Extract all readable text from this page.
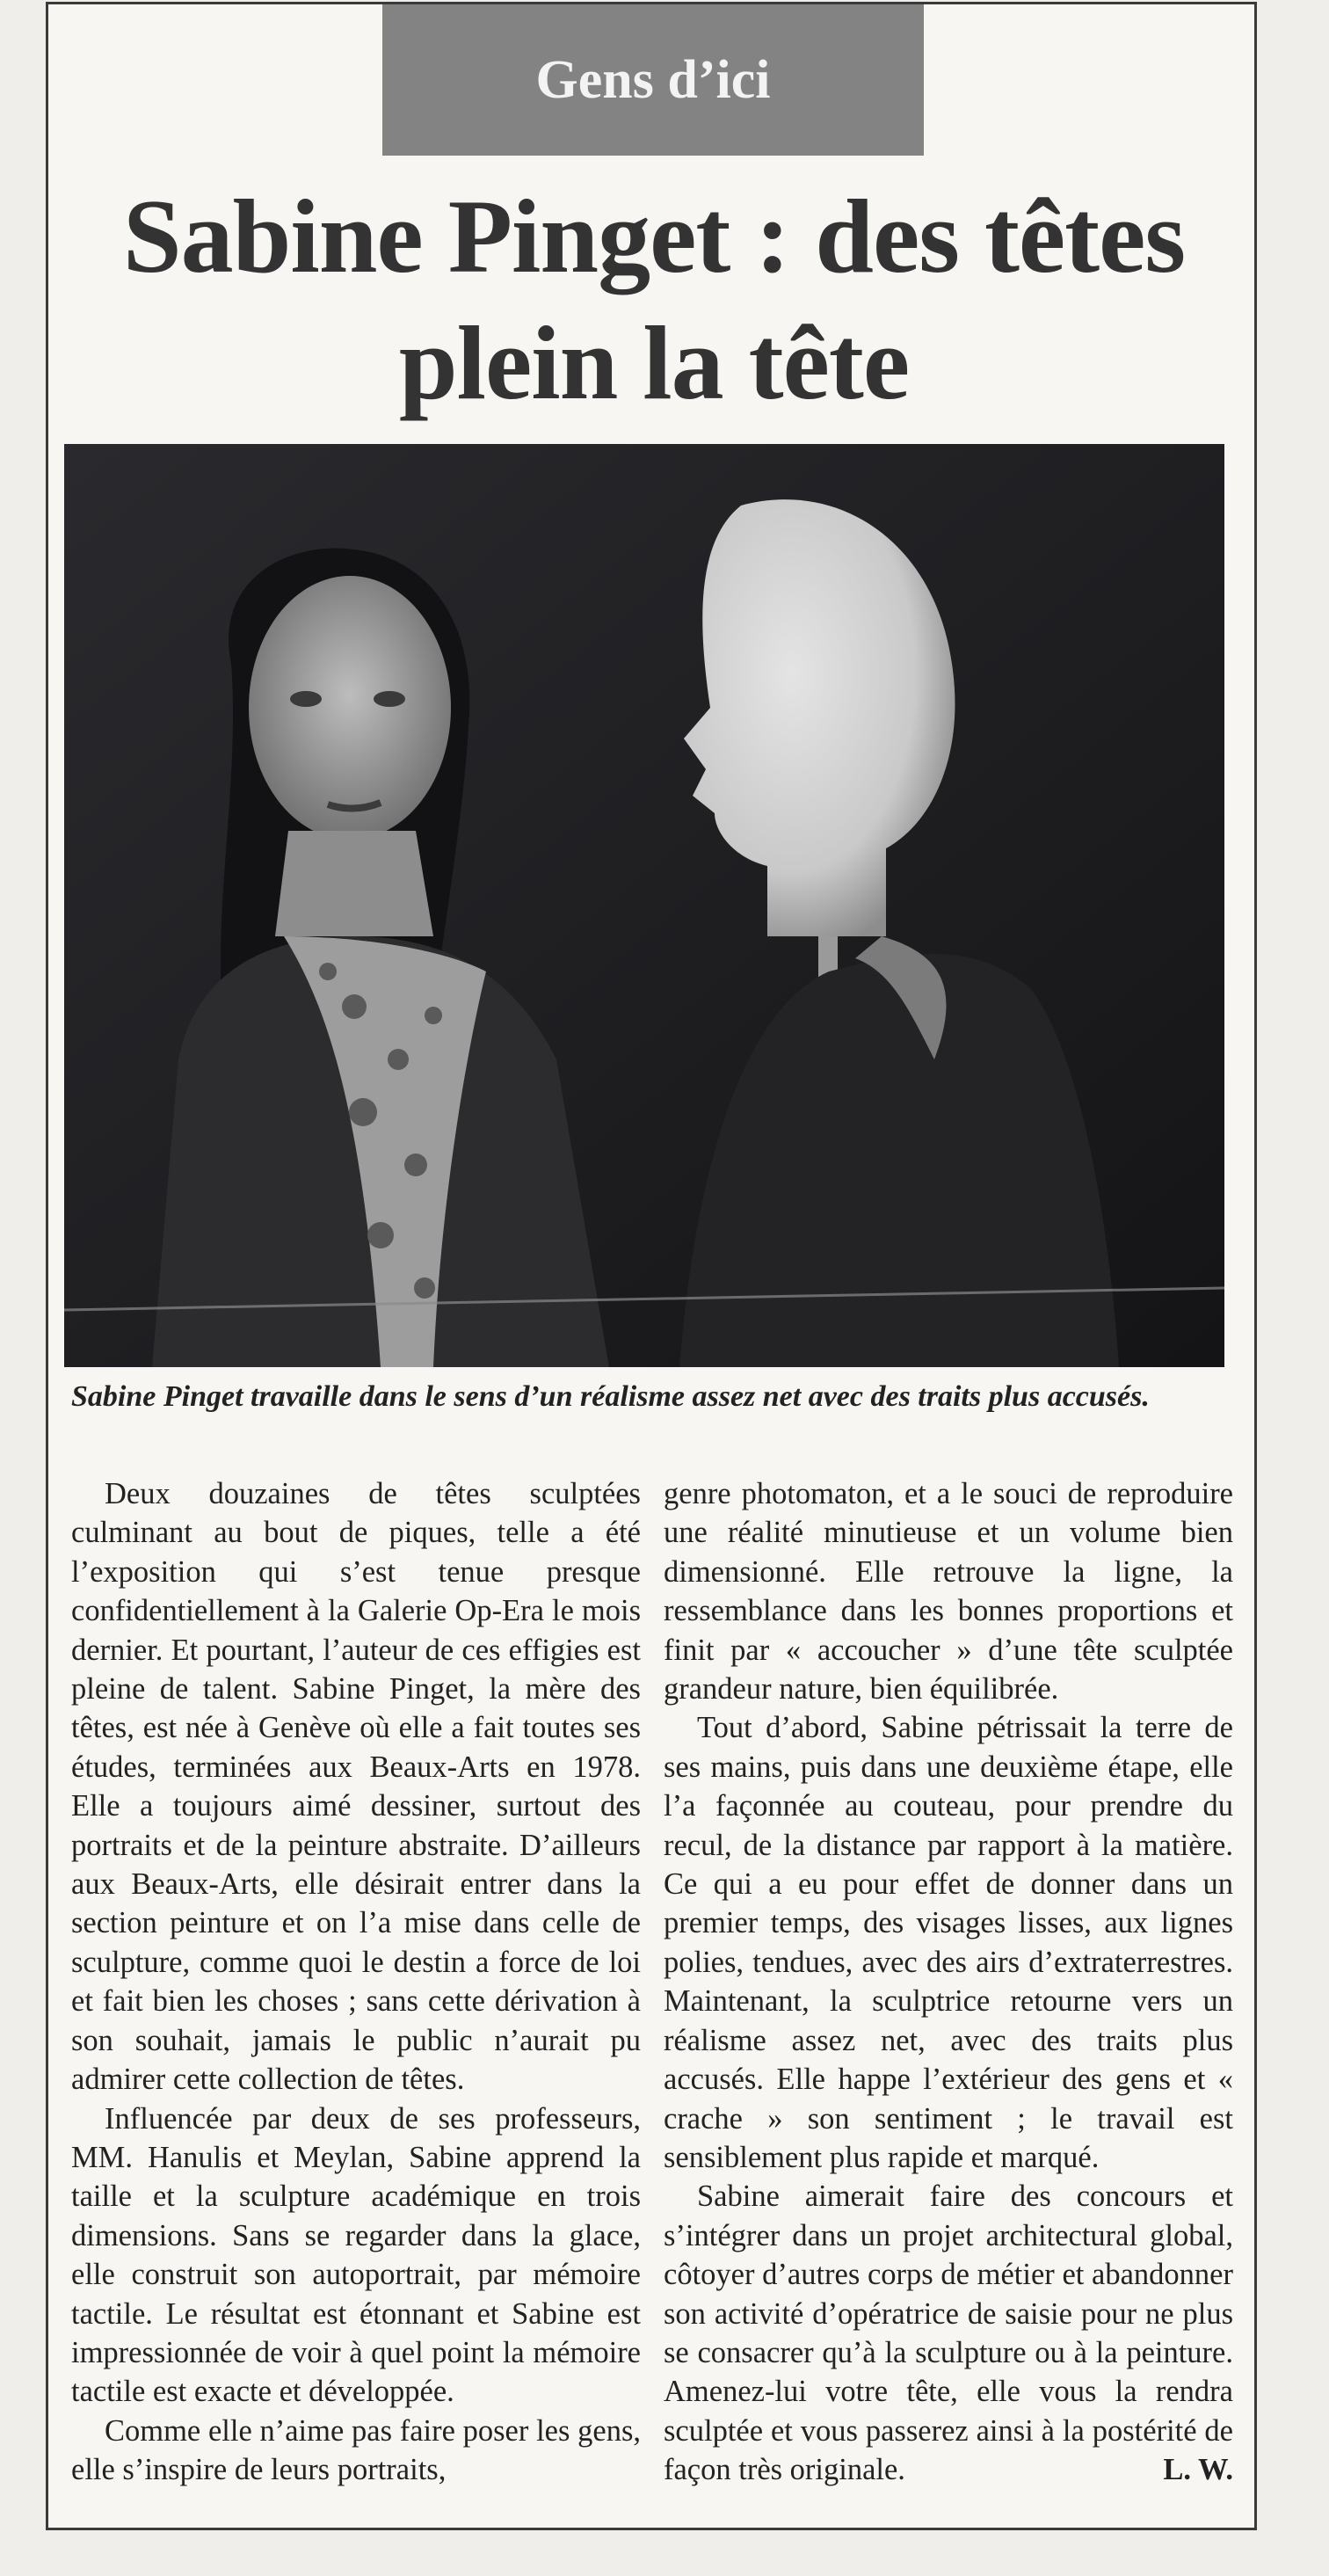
Gens d’ici
Sabine Pinget : des têtes
plein la tête
Sabine Pinget travaille dans le sens d’un réalisme assez net avec des traits plus accusés.

Deux douzaines de têtes sculptées culminant au bout de piques, telle a été l’exposition qui s’est tenue presque confidentiellement à la Galerie Op-Era le mois dernier. Et pourtant, l’auteur de ces effigies est pleine de talent. Sabine Pinget, la mère des têtes, est née à Genève où elle a fait toutes ses études, terminées aux Beaux-Arts en 1978. Elle a toujours aimé dessiner, surtout des portraits et de la peinture abstraite. D’ailleurs aux Beaux-Arts, elle désirait entrer dans la section peinture et on l’a mise dans celle de sculpture, comme quoi le destin a force de loi et fait bien les choses ; sans cette dérivation à son souhait, jamais le public n’aurait pu admirer cette collection de têtes.

Influencée par deux de ses professeurs, MM. Hanulis et Meylan, Sabine apprend la taille et la sculpture académique en trois dimensions. Sans se regarder dans la glace, elle construit son autoportrait, par mémoire tactile. Le résultat est étonnant et Sabine est impressionnée de voir à quel point la mémoire tactile est exacte et développée.

Comme elle n’aime pas faire poser les gens, elle s’inspire de leurs portraits,

genre photomaton, et a le souci de reproduire une réalité minutieuse et un volume bien dimensionné. Elle retrouve la ligne, la ressemblance dans les bonnes proportions et finit par « accoucher » d’une tête sculptée grandeur nature, bien équilibrée.

Tout d’abord, Sabine pétrissait la terre de ses mains, puis dans une deuxième étape, elle l’a façonnée au couteau, pour prendre du recul, de la distance par rapport à la matière. Ce qui a eu pour effet de donner dans un premier temps, des visages lisses, aux lignes polies, tendues, avec des airs d’extraterrestres. Maintenant, la sculptrice retourne vers un réalisme assez net, avec des traits plus accusés. Elle happe l’extérieur des gens et « crache » son sentiment ; le travail est sensiblement plus rapide et marqué.

Sabine aimerait faire des concours et s’intégrer dans un projet architectural global, côtoyer d’autres corps de métier et abandonner son activité d’opératrice de saisie pour ne plus se consacrer qu’à la sculpture ou à la peinture. Amenez-lui votre tête, elle vous la rendra sculptée et vous passerez ainsi à la postérité de façon très originale.	L. W.
